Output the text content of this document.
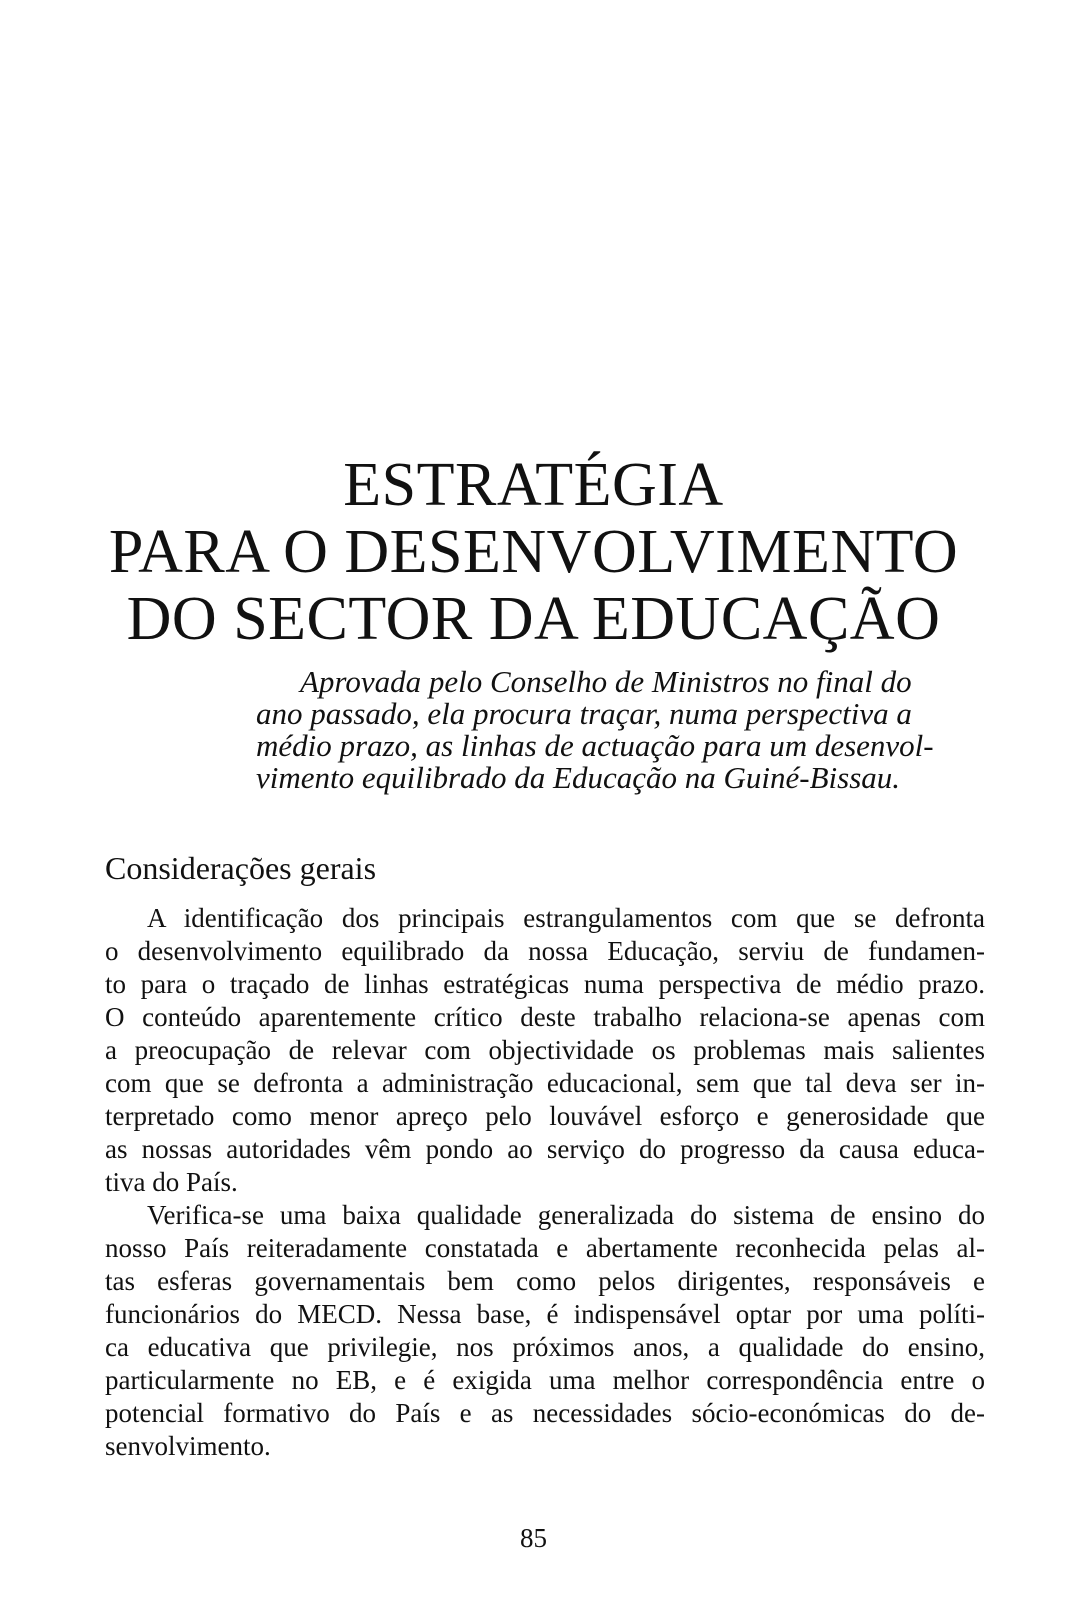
ESTRATÉGIA
PARA O DESENVOLVIMENTO
DO SECTOR DA EDUCAÇÃO
Aprovada pelo Conselho de Ministros no final do
ano passado, ela procura traçar, numa perspectiva a
médio prazo, as linhas de actuação para um desenvol-
vimento equilibrado da Educação na Guiné-Bissau.
Considerações gerais
A identificação dos principais estrangulamentos com que se defronta
o desenvolvimento equilibrado da nossa Educação, serviu de fundamen-
to para o traçado de linhas estratégicas numa perspectiva de médio prazo.
O conteúdo aparentemente crítico deste trabalho relaciona-se apenas com
a preocupação de relevar com objectividade os problemas mais salientes
com que se defronta a administração educacional, sem que tal deva ser in-
terpretado como menor apreço pelo louvável esforço e generosidade que
as nossas autoridades vêm pondo ao serviço do progresso da causa educa-
tiva do País.
Verifica-se uma baixa qualidade generalizada do sistema de ensino do
nosso País reiteradamente constatada e abertamente reconhecida pelas al-
tas esferas governamentais bem como pelos dirigentes, responsáveis e
funcionários do MECD. Nessa base, é indispensável optar por uma políti-
ca educativa que privilegie, nos próximos anos, a qualidade do ensino,
particularmente no EB, e é exigida uma melhor correspondência entre o
potencial formativo do País e as necessidades sócio-económicas do de-
senvolvimento.
85
